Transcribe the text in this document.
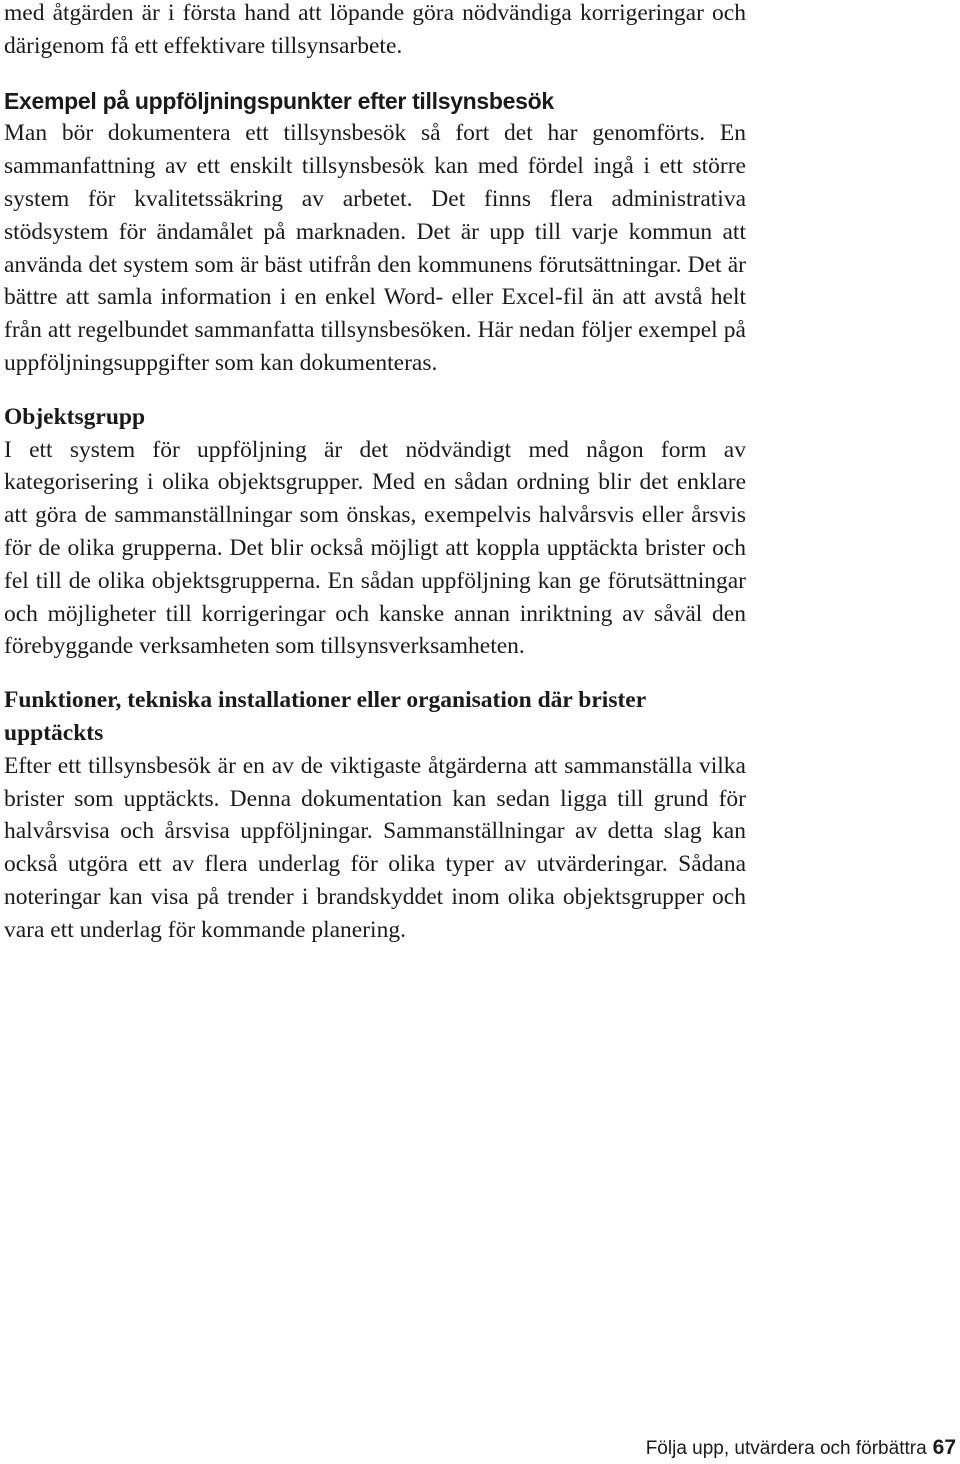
med åtgärden är i första hand att löpande göra nödvändiga korrigeringar och därigenom få ett effektivare tillsynsarbete.

Exempel på uppföljningspunkter efter tillsynsbesök

Man bör dokumentera ett tillsynsbesök så fort det har genomförts. En sammanfattning av ett enskilt tillsynsbesök kan med fördel ingå i ett större system för kvalitetssäkring av arbetet. Det finns flera administrativa stödsystem för ändamålet på marknaden. Det är upp till varje kommun att använda det system som är bäst utifrån den kommunens förutsättningar. Det är bättre att samla information i en enkel Word- eller Excel-fil än att avstå helt från att regelbundet sammanfatta tillsynsbesöken. Här nedan följer exempel på uppföljningsuppgifter som kan dokumenteras.

Objektsgrupp

I ett system för uppföljning är det nödvändigt med någon form av kategorisering i olika objektsgrupper. Med en sådan ordning blir det enklare att göra de sammanställningar som önskas, exempelvis halvårsvis eller årsvis för de olika grupperna. Det blir också möjligt att koppla upptäckta brister och fel till de olika objektsgrupperna. En sådan uppföljning kan ge förutsättningar och möjligheter till korrigeringar och kanske annan inriktning av såväl den förebyggande verksamheten som tillsynsverksamheten.

Funktioner, tekniska installationer eller organisation där brister upptäckts

Efter ett tillsynsbesök är en av de viktigaste åtgärderna att sammanställa vilka brister som upptäckts. Denna dokumentation kan sedan ligga till grund för halvårsvisa och årsvisa uppföljningar. Sammanställningar av detta slag kan också utgöra ett av flera underlag för olika typer av utvärderingar. Sådana noteringar kan visa på trender i brandskyddet inom olika objektsgrupper och vara ett underlag för kommande planering.

Följa upp, utvärdera och förbättra 67
